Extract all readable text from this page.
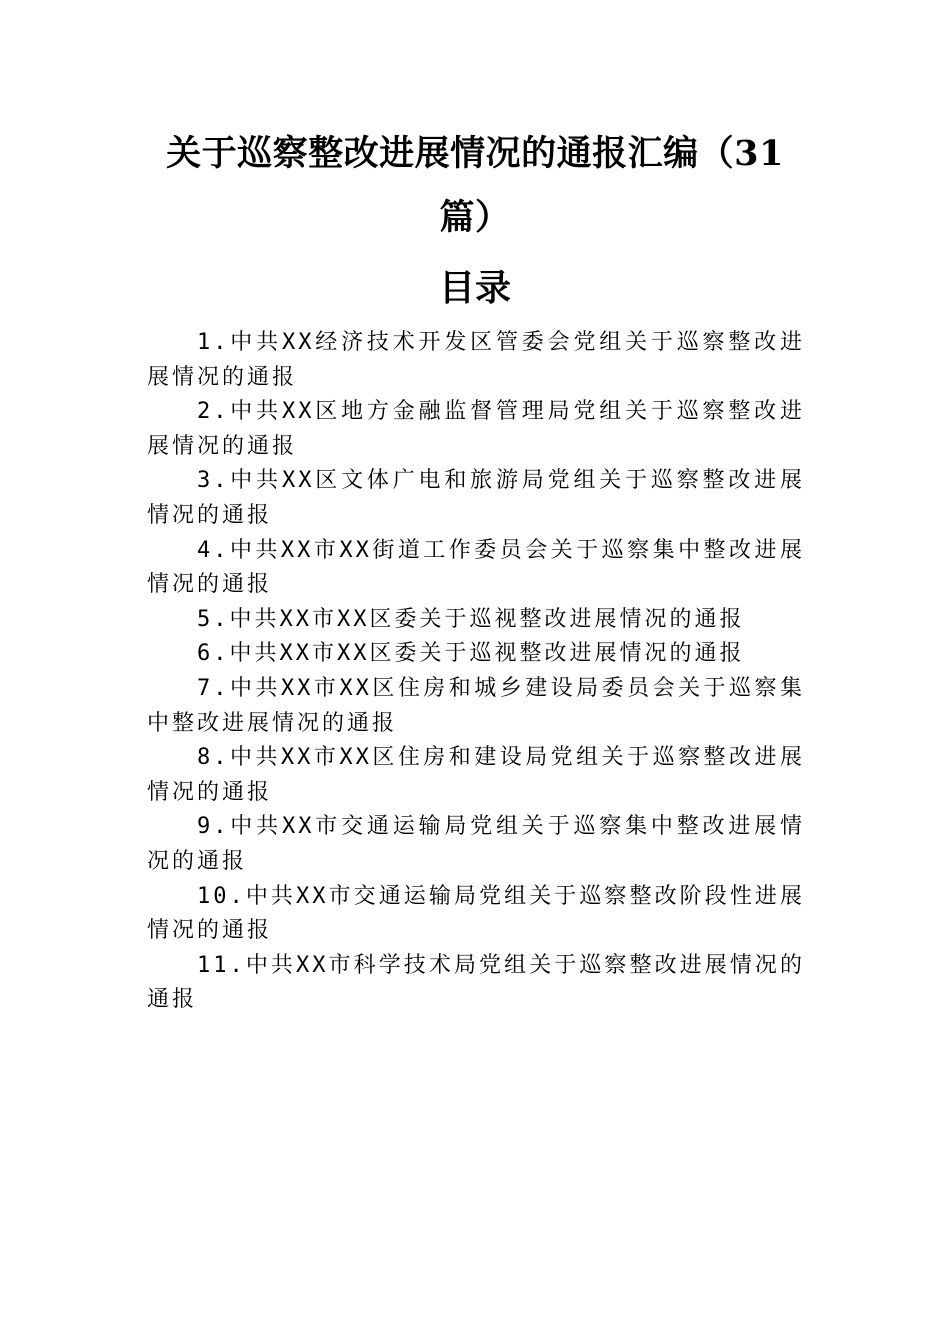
关于巡察整改进展情况的通报汇编（31篇）
目录
1.中共XX经济技术开发区管委会党组关于巡察整改进展情况的通报
2.中共XX区地方金融监督管理局党组关于巡察整改进展情况的通报
3.中共XX区文体广电和旅游局党组关于巡察整改进展情况的通报
4.中共XX市XX街道工作委员会关于巡察集中整改进展情况的通报
5.中共XX市XX区委关于巡视整改进展情况的通报
6.中共XX市XX区委关于巡视整改进展情况的通报
7.中共XX市XX区住房和城乡建设局委员会关于巡察集中整改进展情况的通报
8.中共XX市XX区住房和建设局党组关于巡察整改进展情况的通报
9.中共XX市交通运输局党组关于巡察集中整改进展情况的通报
10.中共XX市交通运输局党组关于巡察整改阶段性进展情况的通报
11.中共XX市科学技术局党组关于巡察整改进展情况的通报
